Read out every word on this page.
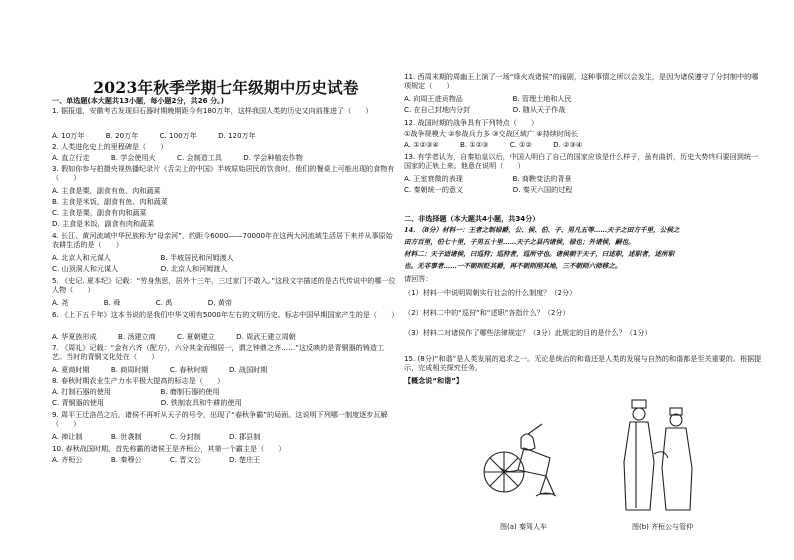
2023年秋季学期七年级期中历史试卷
一、单选题(本大题共13小题，每小题2分，共26 分。)
1. 据报道，安徽考古发现旧石器时期晚期距今有180万年，这样我国人类的历史又向前推进了（　　）
A. 10万年　　　B. 20万年　　　C. 100万年　　　D. 120万年
2. 人类进化史上的里程碑是（　　）
A. 直立行走　　　B. 学会使用火　　　C. 会制造工具　　　D. 学会种植农作物
3. 假如你参与拍摄央视热播纪录片《舌尖上的中国》半坡原始居民的饮食时，他们的餐桌上可能出现的食物有（　　）
A. 主食是粟，副食有鱼、肉和蔬菜
B. 主食是米饭，副食有鱼、肉和蔬菜
C. 主食是粟，副食有肉和蔬菜
D. 主食是米饭，副食有肉和蔬菜
4. 长江、黄河流域中华民族称为“母亲河”，约距今6000——70000年在这两大河流域生活居下来并从事原始农耕生活的是（　　）
A. 北京人和元谋人　　　　　　　B. 半坡居民和河姆渡人
C. 山顶洞人和元谋人　　　　　　D. 北京人和河姆渡人
5. 《史记. 夏本纪》记载：“劳身焦思，居外十三年，三过家门不敢入。”这段文字描述的是古代传说中的哪一位人物（　　）
A. 尧　　　　　B. 舜　　　　　C. 禹　　　　　D. 黄帝
6. 《上下五千年》这本书说的是我们中华文明有5000年左右的文明历史。标志中国早期国家产生的是（　　）
A. 华夏族形成　　　B. 汤建立商　　　C. 夏朝建立　　　D. 周武王建立周朝
7. 《周礼》记载：“金有六齐（配方），六分其金而锡居一，谓之钟鼎之齐……”这反映的是青铜器的铸造工艺。当时的青铜文化处在（　　）
A. 夏商时期　　　B. 商周时期　　　C. 春秋时期　　　D. 战国时期
8. 春秋时期农业生产力水平极大提高的标志是（　　）
A. 打制石器的使用　　　　　　　B. 磨制石器的使用
C. 青铜器的使用　　　　　　　　D. 铁制农具和牛耕的使用
9. 周平王迁洛邑之后，诸侯不再听从天子的号令，出现了“春秋争霸”的局面。这说明下列哪一制度逐步瓦解（　　）
A. 禅让制　　　　B. 世袭制　　　　C. 分封制　　　　D. 郡县制
10. 春秋战国时期，首先称霸的诸侯王是齐桓公，其第一个霸主是（　　）
A. 齐桓公　　　　B. 秦穆公　　　　C. 晋文公　　　　D. 楚庄王
11. 西周末期的周幽王上演了一场“烽火戏诸侯”的闹剧，这种事情之所以会发生，是因为诸侯遵守了分封制中的哪项规定（　　）
A. 向周王进贡物品　　　　　　　B. 管理土地和人民
C. 在自己封地内分封　　　　　　D. 随从天子作战
12. 战国时期的战争具有下列特点（　　）
①战争规模大 ②参战兵力多 ③交战区域广 ④持续时间长
A. ①②③④　　　B. ①②③　　　C. ①②　　　D. ②③④
13. 有学者认为，自秦始皇以后，中国人明白了自己的国家应该是什么样子，虽有曲折，历史大势终归要回到统一国家的正轨上来。他意在说明（　　）
A. 王室衰微的表现　　　　　　　B. 商鞅变法的背景
C. 秦朝统一的意义　　　　　　　D. 秦灭六国的过程
二、非选择题（本大题共4小题，共34分）
14. （8分）材料一：王者之制禄爵，公、侯、伯、子、男凡五等……天子之田方千里，公侯之
田方百里，伯七十里，子男五十里……天子之县内诸侯，禄也；外诸侯，嗣也。
材料二：天子适诸侯，曰巡狩；巡狩者，巡所守也。诸侯朝于天子，曰述职，述职者，述所职
也。无非事者……一不朝则贬其爵，再不朝则削其地，三不朝则六师移之。
请回答：
（1）材料一中说明周朝实行社会的什么制度？（2分）
（2）材料二中的“巡狩”和“述职”各指什么？（2分）
（3）材料二对诸侯作了哪些法律规定？（3分）此规定的目的是什么？（1分）
15. (8分)“和谐”是人类发展的追求之一。无论是统治的和谐还是人类的发展与自然的和谐都是至关重要的。根据提示，完成相关探究任务。
【概念说“和谐”】
图(a) 秦驾人车	图(b) 齐桓公与管仲
